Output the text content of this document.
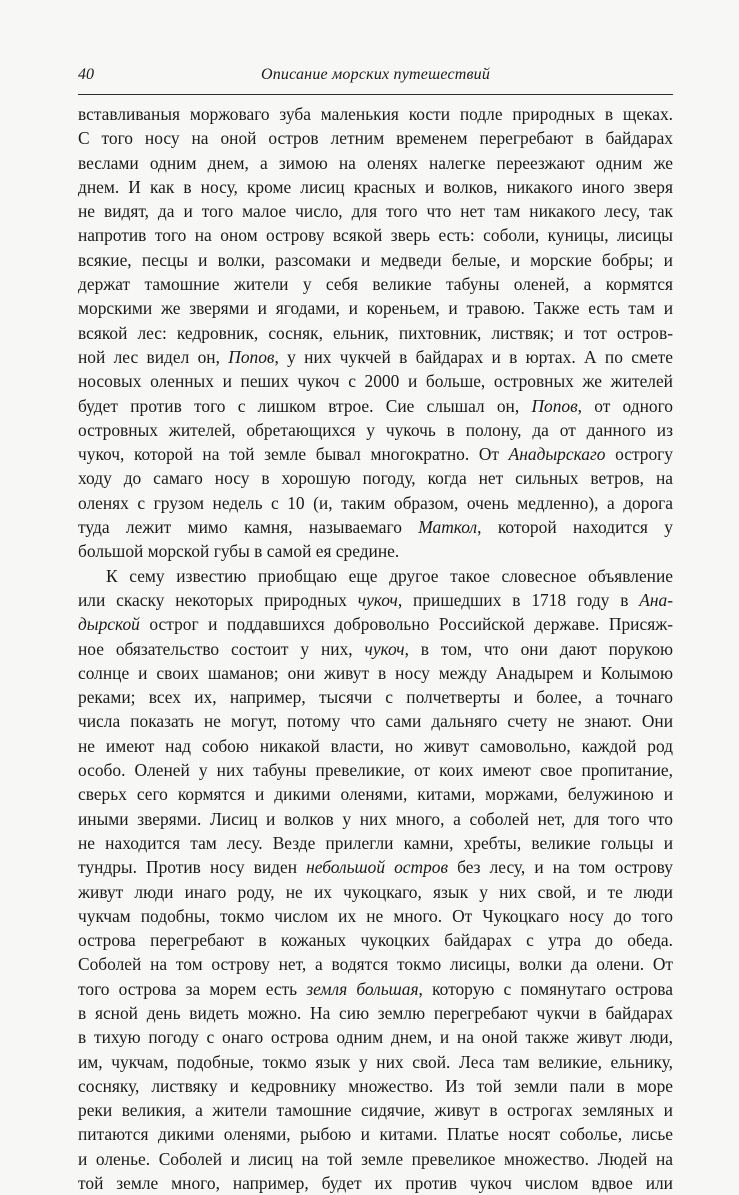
40	Описание морских путешествий
вставливаныя моржоваго зуба маленькия кости подле природных в щеках.
С того носу на оной остров летним временем перегребают в байдарах
веслами одним днем, а зимою на оленях налегке переезжают одним же
днем. И как в носу, кроме лисиц красных и волков, никакого иного зверя
не видят, да и того малое число, для того что нет там никакого лесу, так
напротив того на оном острову всякой зверь есть: соболи, куницы, лисицы
всякие, песцы и волки, разсомаки и медведи белые, и морские бобры; и
держат тамошние жители у себя великие табуны оленей, а кормятся
морскими же зверями и ягодами, и кореньем, и травою. Также есть там и
всякой лес: кедровник, сосняк, ельник, пихтовник, листвяк; и тот остров-
ной лес видел он, Попов, у них чукчей в байдарах и в юртах. А по смете
носовых оленных и пеших чукоч с 2000 и больше, островных же жителей
будет против того с лишком втрое. Сие слышал он, Попов, от одного
островных жителей, обретающихся у чукочь в полону, да от данного из
чукоч, которой на той земле бывал многократно. От Анадырскаго острогу
ходу до самаго носу в хорошую погоду, когда нет сильных ветров, на
оленях с грузом недель с 10 (и, таким образом, очень медленно), а дорога
туда лежит мимо камня, называемаго Маткол, которой находится у
большой морской губы в самой ея средине.
К сему известию приобщаю еще другое такое словесное объявление
или скаску некоторых природных чукоч, пришедших в 1718 году в Ана-
дырской острог и поддавшихся добровольно Российской державе. Присяж-
ное обязательство состоит у них, чукоч, в том, что они дают порукою
солнце и своих шаманов; они живут в носу между Анадырем и Колымою
реками; всех их, например, тысячи с полчетверты и более, а точнаго
числа показать не могут, потому что сами дальняго счету не знают. Они
не имеют над собою никакой власти, но живут самовольно, каждой род
особо. Оленей у них табуны превеликие, от коих имеют свое пропитание,
сверьх сего кормятся и дикими оленями, китами, моржами, белужиною и
иными зверями. Лисиц и волков у них много, а соболей нет, для того что
не находится там лесу. Везде прилегли камни, хребты, великие гольцы и
тундры. Против носу виден небольшой остров без лесу, и на том острову
живут люди инаго роду, не их чукоцкаго, язык у них свой, и те люди
чукчам подобны, токмо числом их не много. От Чукоцкаго носу до того
острова перегребают в кожаных чукоцких байдарах с утра до обеда.
Соболей на том острову нет, а водятся токмо лисицы, волки да олени. От
того острова за морем есть земля большая, которую с помянутаго острова
в ясной день видеть можно. На сию землю перегребают чукчи в байдарах
в тихую погоду с онаго острова одним днем, и на оной также живут люди,
им, чукчам, подобные, токмо язык у них свой. Леса там великие, ельнику,
сосняку, листвяку и кедровнику множество. Из той земли пали в море
реки великия, а жители тамошние сидячие, живут в острогах земляных и
питаются дикими оленями, рыбою и китами. Платье носят соболье, лисье
и оленье. Соболей и лисиц на той земле превеликое множество. Людей на
той земле много, например, будет их против чукоч числом вдвое или
